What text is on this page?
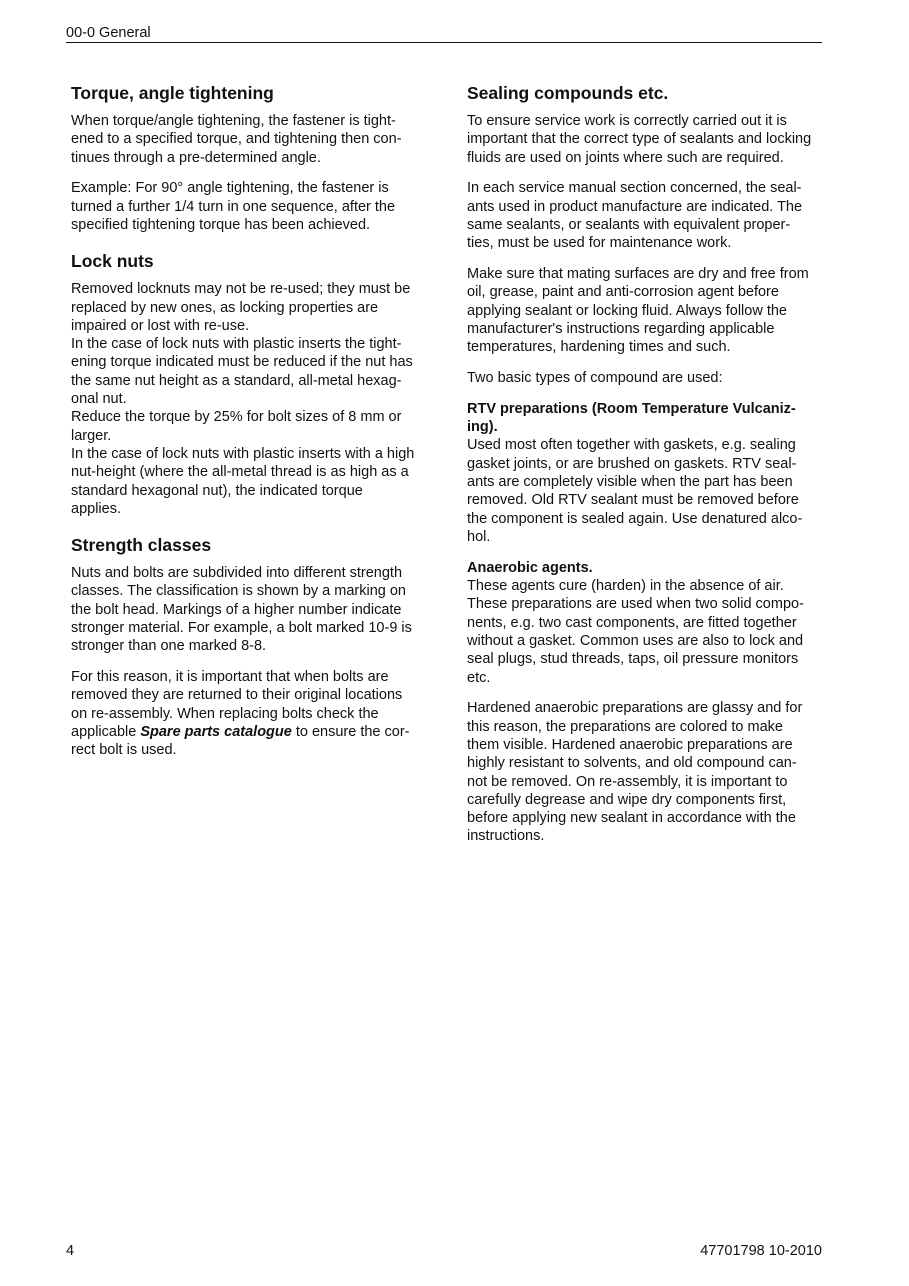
00-0 General
Torque, angle tightening

When torque/angle tightening, the fastener is tight-
ened to a specified torque, and tightening then con-
tinues through a pre-determined angle.

Example: For 90° angle tightening, the fastener is
turned a further 1/4 turn in one sequence, after the
specified tightening torque has been achieved.

Lock nuts

Removed locknuts may not be re-used; they must be
replaced by new ones, as locking properties are
impaired or lost with re-use.
In the case of lock nuts with plastic inserts the tight-
ening torque indicated must be reduced if the nut has
the same nut height as a standard, all-metal hexag-
onal nut.
Reduce the torque by 25% for bolt sizes of 8 mm or
larger.
In the case of lock nuts with plastic inserts with a high
nut-height (where the all-metal thread is as high as a
standard hexagonal nut), the indicated torque
applies.

Strength classes

Nuts and bolts are subdivided into different strength
classes. The classification is shown by a marking on
the bolt head. Markings of a higher number indicate
stronger material. For example, a bolt marked 10-9 is
stronger than one marked 8-8.

For this reason, it is important that when bolts are
removed they are returned to their original locations
on re-assembly. When replacing bolts check the
applicable Spare parts catalogue to ensure the cor-
rect bolt is used.

Sealing compounds etc.

To ensure service work is correctly carried out it is
important that the correct type of sealants and locking
fluids are used on joints where such are required.

In each service manual section concerned, the seal-
ants used in product manufacture are indicated. The
same sealants, or sealants with equivalent proper-
ties, must be used for maintenance work.

Make sure that mating surfaces are dry and free from
oil, grease, paint and anti-corrosion agent before
applying sealant or locking fluid. Always follow the
manufacturer's instructions regarding applicable
temperatures, hardening times and such.

Two basic types of compound are used:

RTV preparations (Room Temperature Vulcaniz-
ing).
Used most often together with gaskets, e.g. sealing
gasket joints, or are brushed on gaskets. RTV seal-
ants are completely visible when the part has been
removed. Old RTV sealant must be removed before
the component is sealed again. Use denatured alco-
hol.

Anaerobic agents.
These agents cure (harden) in the absence of air.
These preparations are used when two solid compo-
nents, e.g. two cast components, are fitted together
without a gasket. Common uses are also to lock and
seal plugs, stud threads, taps, oil pressure monitors
etc.

Hardened anaerobic preparations are glassy and for
this reason, the preparations are colored to make
them visible. Hardened anaerobic preparations are
highly resistant to solvents, and old compound can-
not be removed. On re-assembly, it is important to
carefully degrease and wipe dry components first,
before applying new sealant in accordance with the
instructions.

4	47701798 10-2010
